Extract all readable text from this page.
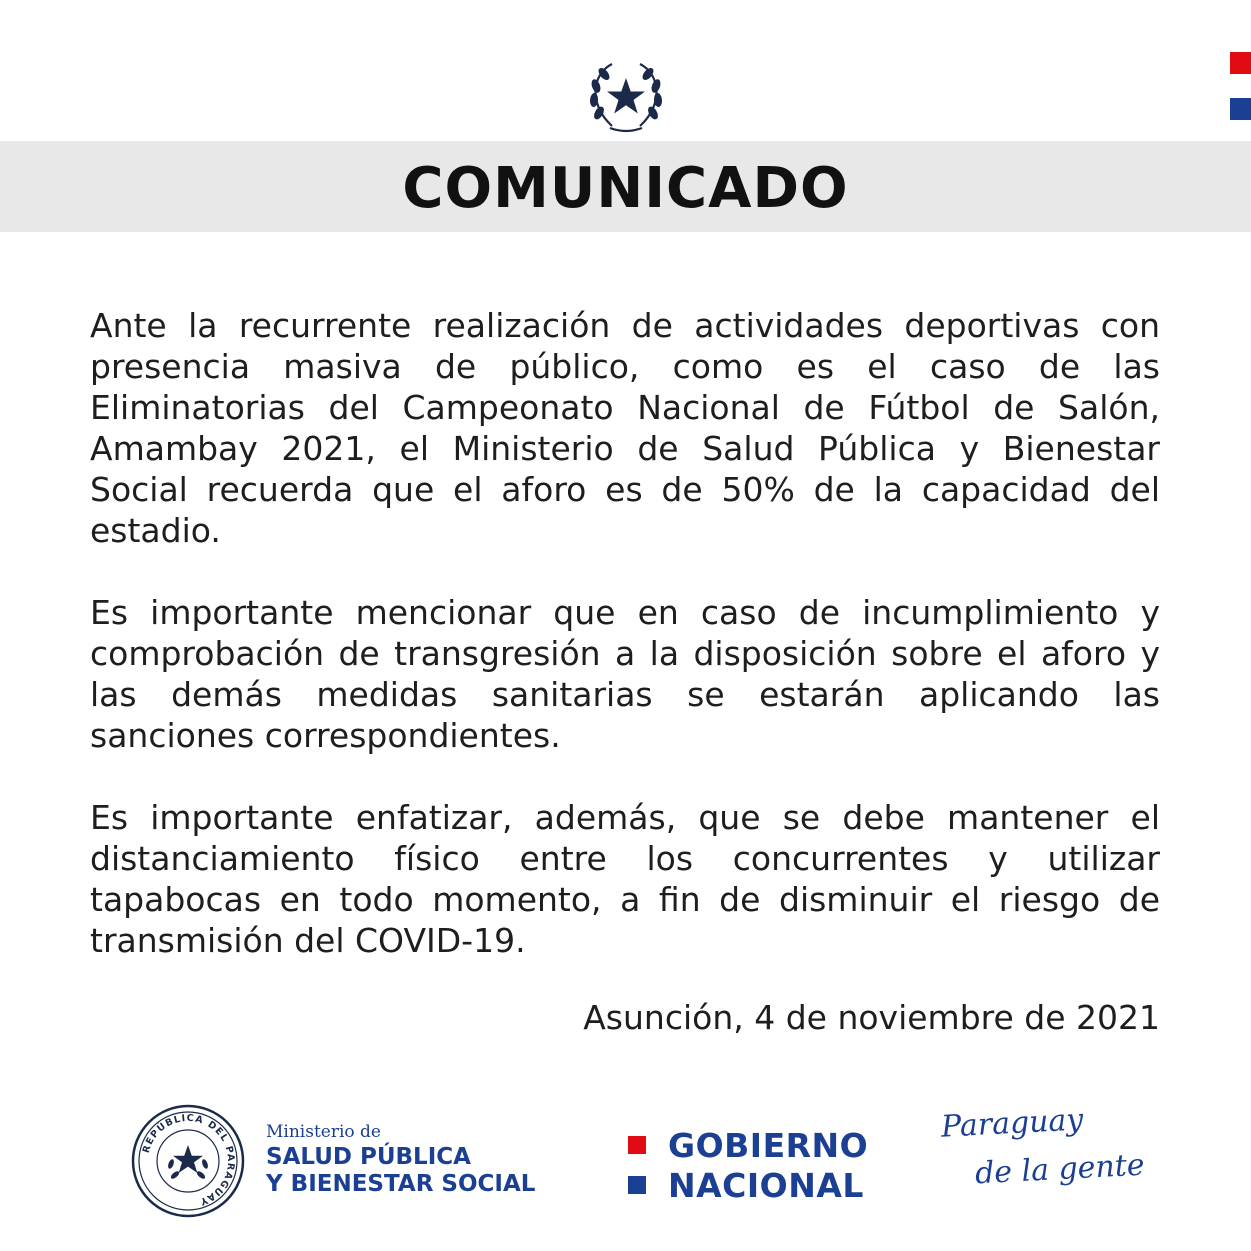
COMUNICADO

Ante la recurrente realización de actividades deportivas con presencia masiva de público, como es el caso de las Eliminatorias del Campeonato Nacional de Fútbol de Salón, Amambay 2021, el Ministerio de Salud Pública y Bienestar Social recuerda que el aforo es de 50% de la capacidad del estadio.

Es importante mencionar que en caso de incumplimiento y comprobación de transgresión a la disposición sobre el aforo y las demás medidas sanitarias se estarán aplicando las sanciones correspondientes.

Es importante enfatizar, además, que se debe mantener el distanciamiento físico entre los concurrentes y utilizar tapabocas en todo momento, a fin de disminuir el riesgo de transmisión del COVID-19.

Asunción, 4 de noviembre de 2021
REPÚBLICA DEL PARAGUAY
Ministerio de
SALUD PÚBLICA
Y BIENESTAR SOCIAL
GOBIERNO
NACIONAL
Paraguay
de la gente
